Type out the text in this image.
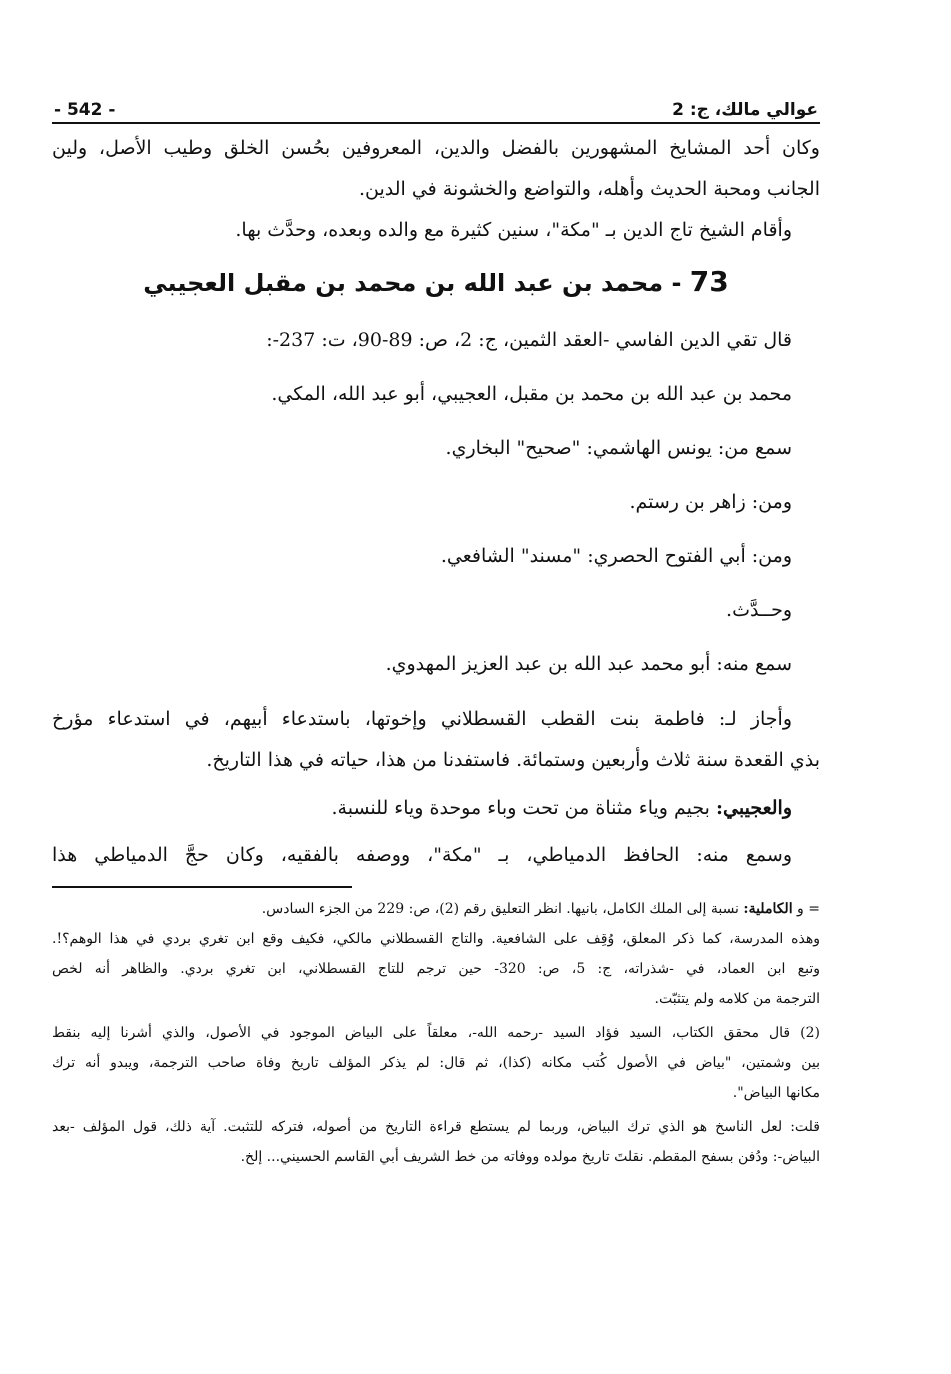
عوالي مالك، ج: 2
- 542 -
وكان أحد المشايخ المشهورين بالفضل والدين، المعروفين بحُسن الخلق وطيب الأصل، ولين
الجانب ومحبة الحديث وأهله، والتواضع والخشونة في الدين.
وأقام الشيخ تاج الدين بـ "مكة"، سنين كثيرة مع والده وبعده، وحدَّث بها.
73 - محمد بن عبد الله بن محمد بن مقبل العجيبي
قال تقي الدين الفاسي -العقد الثمين، ج: 2، ص: 89-90، ت: 237-:
محمد بن عبد الله بن محمد بن مقبل، العجيبي، أبو عبد الله، المكي.
سمع من: يونس الهاشمي: "صحيح" البخاري.
ومن: زاهر بن رستم.
ومن: أبي الفتوح الحصري: "مسند" الشافعي.
وحــدَّث.
سمع منه: أبو محمد عبد الله بن عبد العزيز المهدوي.
وأجاز لـ: فاطمة بنت القطب القسطلاني وإخوتها، باستدعاء أبيهم، في استدعاء مؤرخ
بذي القعدة سنة ثلاث وأربعين وستمائة. فاستفدنا من هذا، حياته في هذا التاريخ.
والعجيبي: بجيم وياء مثناة من تحت وباء موحدة وياء للنسبة.
وسمع منه: الحافظ الدمياطي، بـ "مكة"، ووصفه بالفقيه، وكان حجَّ الدمياطي هذا
= و الكاملية: نسبة إلى الملك الكامل، بانيها. انظر التعليق رقم (2)، ص: 229 من الجزء السادس.
وهذه المدرسة، كما ذكر المعلق، وُقِف على الشافعية. والتاج القسطلاني مالكي، فكيف وقع ابن تغري بردي في هذا الوهم؟!.
وتبع ابن العماد، في -شذراته، ج: 5، ص: 320- حين ترجم للتاج القسطلاني، ابن تغري بردي. والظاهر أنه لخص
الترجمة من كلامه ولم يتثبّت.
(2) قال محقق الكتاب، السيد فؤاد السيد -رحمه الله-، معلقاً على البياض الموجود في الأصول، والذي أشرنا إليه بنقط
بين وشمتين، "بياض في الأصول كُتب مكانه (كذا)، ثم قال: لم يذكر المؤلف تاريخ وفاة صاحب الترجمة، ويبدو أنه ترك
مكانها البياض".
قلت: لعل الناسخ هو الذي ترك البياض، وربما لم يستطع قراءة التاريخ من أصوله، فتركه للتثبت. آية ذلك، قول المؤلف -بعد
البياض-: ودُفن بسفح المقطم. نقلتَ تاريخ مولده ووفاته من خط الشريف أبي القاسم الحسيني... إلخ.
